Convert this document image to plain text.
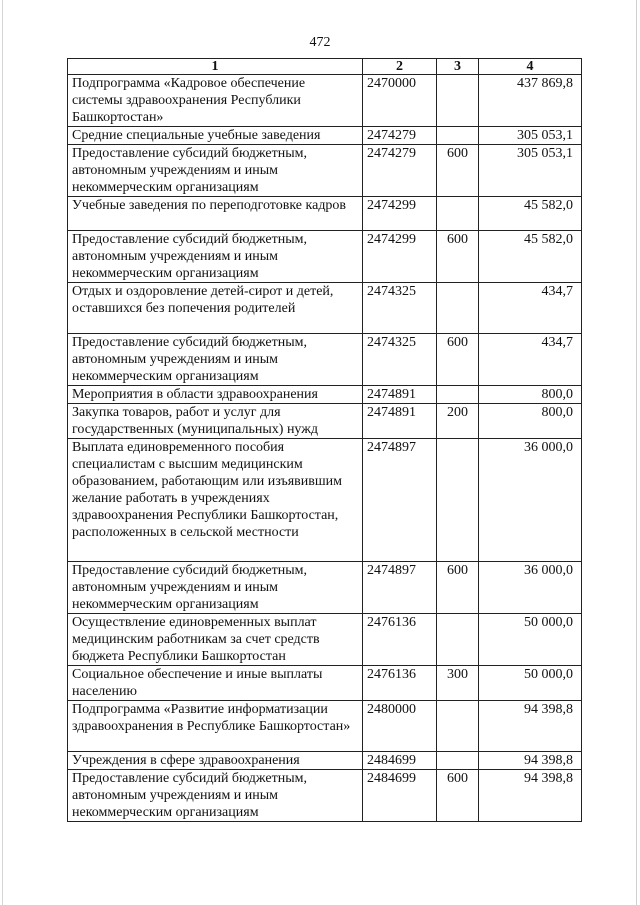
472
1	2	3	4
Подпрограмма «Кадровое обеспечение системы здравоохранения Республики Башкортостан»	2470000		437 869,8
Средние специальные учебные заведения	2474279		305 053,1
Предоставление субсидий бюджетным, автономным учреждениям и иным некоммерческим организациям	2474279	600	305 053,1
Учебные заведения по переподготовке кадров	2474299		45 582,0
Предоставление субсидий бюджетным, автономным учреждениям и иным некоммерческим организациям	2474299	600	45 582,0
Отдых и оздоровление детей-сирот и детей, оставшихся без попечения родителей	2474325		434,7
Предоставление субсидий бюджетным, автономным учреждениям и иным некоммерческим организациям	2474325	600	434,7
Мероприятия в области здравоохранения	2474891		800,0
Закупка товаров, работ и услуг для государственных (муниципальных) нужд	2474891	200	800,0
Выплата единовременного пособия специалистам с высшим медицинским образованием, работающим или изъявившим желание работать в учреждениях здравоохранения Республики Башкортостан, расположенных в сельской местности	2474897		36 000,0
Предоставление субсидий бюджетным, автономным учреждениям и иным некоммерческим организациям	2474897	600	36 000,0
Осуществление единовременных выплат медицинским работникам за счет средств бюджета Республики Башкортостан	2476136		50 000,0
Социальное обеспечение и иные выплаты населению	2476136	300	50 000,0
Подпрограмма «Развитие информатизации здравоохранения в Республике Башкортостан»	2480000		94 398,8
Учреждения в сфере здравоохранения	2484699		94 398,8
Предоставление субсидий бюджетным, автономным учреждениям и иным некоммерческим организациям	2484699	600	94 398,8
